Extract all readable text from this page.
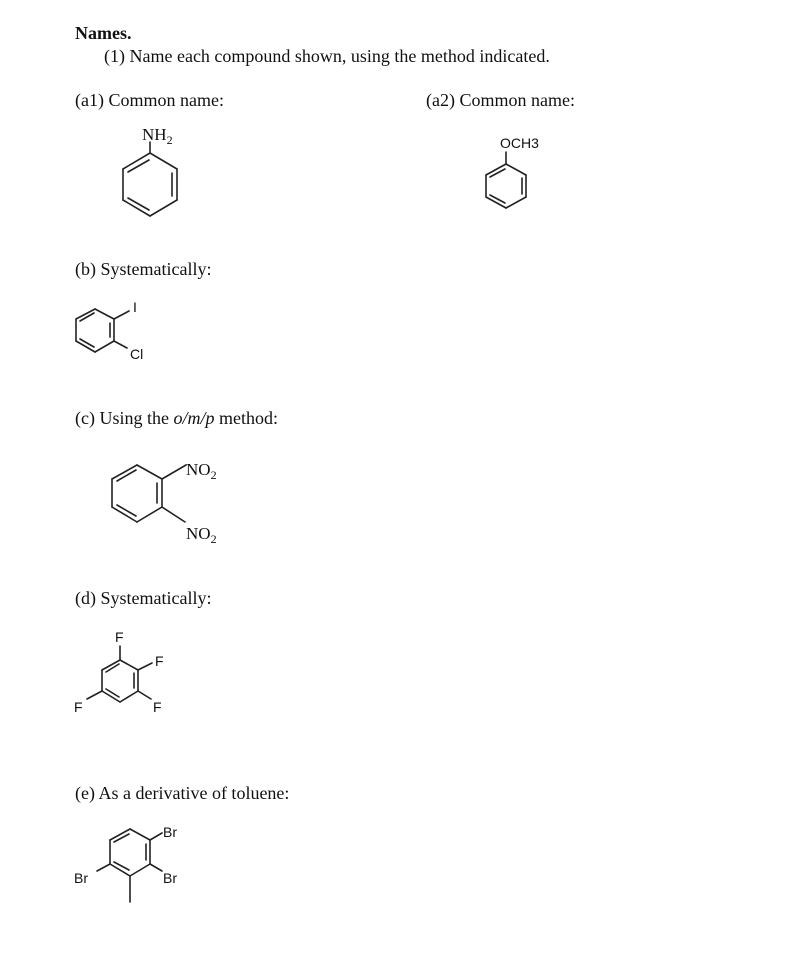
Names.
(1) Name each compound shown, using the method indicated.
(a1) Common name:
$NH_2$
(a2) Common name:
OCH3
(b) Systematically:
I
Cl
(c) Using the o/m/p method:
$NO_2$
$NO_2$
(d) Systematically:
F
F
F	F
(e) As a derivative of toluene:
Br
Br	Br
